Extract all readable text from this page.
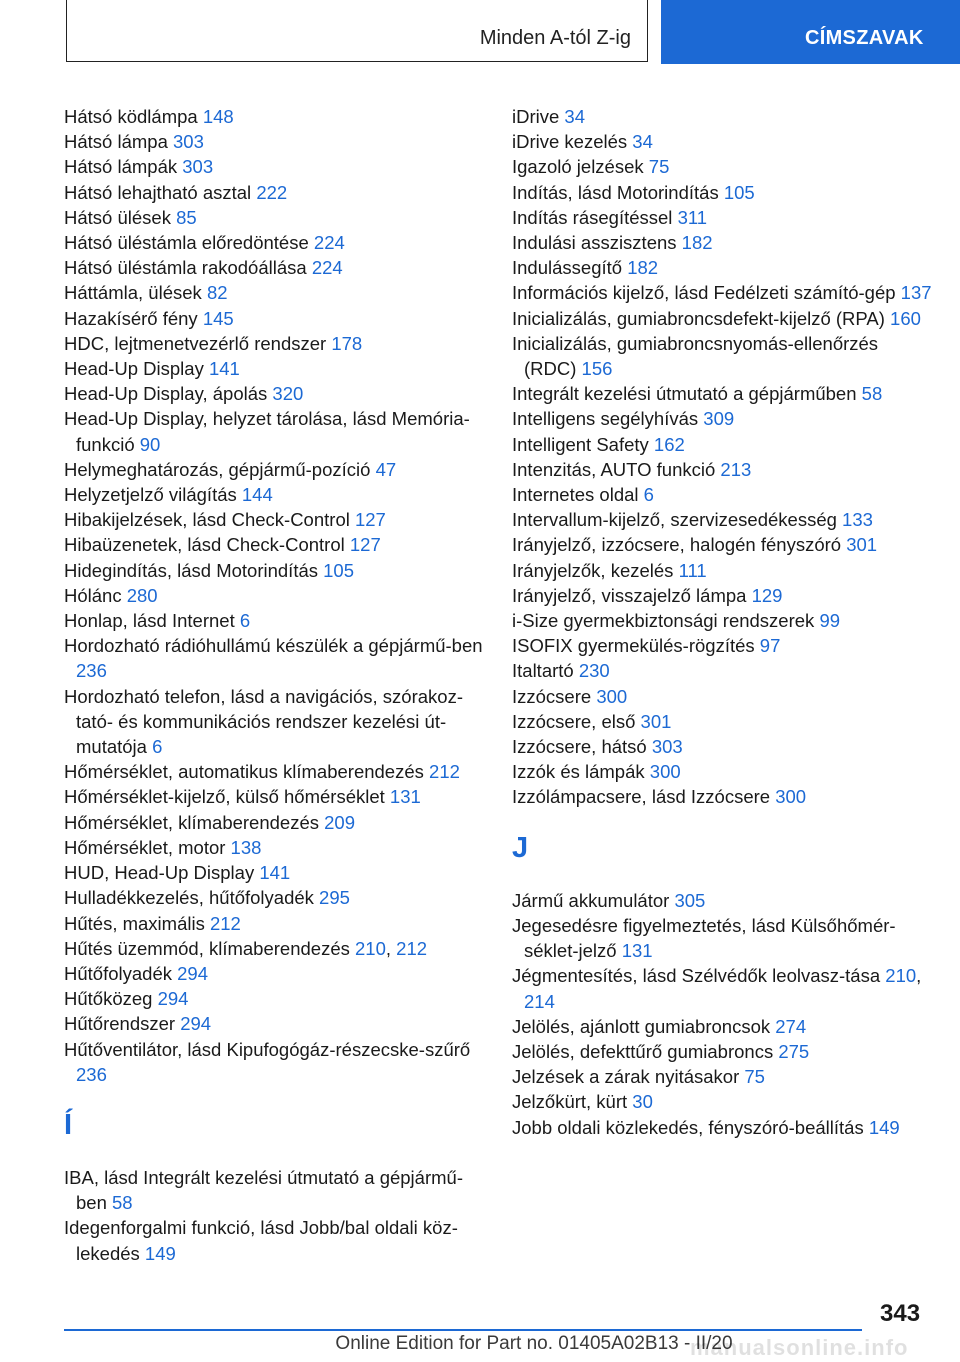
Minden A-tól Z-ig	CÍMSZAVAK
Hátsó ködlámpa 148
Hátsó lámpa 303
Hátsó lámpák 303
Hátsó lehajtható asztal 222
Hátsó ülések 85
Hátsó üléstámla előredöntése 224
Hátsó üléstámla rakodóállása 224
Háttámla, ülések 82
Hazakísérő fény 145
HDC, lejtmenetvezérlő rendszer 178
Head-Up Display 141
Head-Up Display, ápolás 320
Head-Up Display, helyzet tárolása, lásd Memória-funkció 90
Helymeghatározás, gépjármű-pozíció 47
Helyzetjelző világítás 144
Hibakijelzések, lásd Check-Control 127
Hibaüzenetek, lásd Check-Control 127
Hidegindítás, lásd Motorindítás 105
Hólánc 280
Honlap, lásd Internet 6
Hordozható rádióhullámú készülék a gépjármű-ben 236
Hordozható telefon, lásd a navigációs, szórakoz-tató- és kommunikációs rendszer kezelési út-mutatója 6
Hőmérséklet, automatikus klímaberendezés 212
Hőmérséklet-kijelző, külső hőmérséklet 131
Hőmérséklet, klímaberendezés 209
Hőmérséklet, motor 138
HUD, Head-Up Display 141
Hulladékkezelés, hűtőfolyadék 295
Hűtés, maximális 212
Hűtés üzemmód, klímaberendezés 210, 212
Hűtőfolyadék 294
Hűtőközeg 294
Hűtőrendszer 294
Hűtőventilátor, lásd Kipufogógáz-részecske-szűrő 236
Í
IBA, lásd Integrált kezelési útmutató a gépjármű-ben 58
Idegenforgalmi funkció, lásd Jobb/bal oldali köz-lekedés 149
iDrive 34
iDrive kezelés 34
Igazoló jelzések 75
Indítás, lásd Motorindítás 105
Indítás rásegítéssel 311
Indulási asszisztens 182
Indulássegítő 182
Információs kijelző, lásd Fedélzeti számító-gép 137
Inicializálás, gumiabroncsdefekt-kijelző (RPA) 160
Inicializálás, gumiabroncsnyomás-ellenőrzés (RDC) 156
Integrált kezelési útmutató a gépjárműben 58
Intelligens segélyhívás 309
Intelligent Safety 162
Intenzitás, AUTO funkció 213
Internetes oldal 6
Intervallum-kijelző, szervizesedékesség 133
Irányjelző, izzócsere, halogén fényszóró 301
Irányjelzők, kezelés 111
Irányjelző, visszajelző lámpa 129
i-Size gyermekbiztonsági rendszerek 99
ISOFIX gyermekülés-rögzítés 97
Italtartó 230
Izzócsere 300
Izzócsere, első 301
Izzócsere, hátsó 303
Izzók és lámpák 300
Izzólámpacsere, lásd Izzócsere 300
J
Jármű akkumulátor 305
Jegesedésre figyelmeztetés, lásd Külsőhőmér-séklet-jelző 131
Jégmentesítés, lásd Szélvédők leolvasz-tása 210, 214
Jelölés, ajánlott gumiabroncsok 274
Jelölés, defekttűrő gumiabroncs 275
Jelzések a zárak nyitásakor 75
Jelzőkürt, kürt 30
Jobb oldali közlekedés, fényszóró-beállítás 149
343
Online Edition for Part no. 01405A02B13 - II/20
manualsonline.info
